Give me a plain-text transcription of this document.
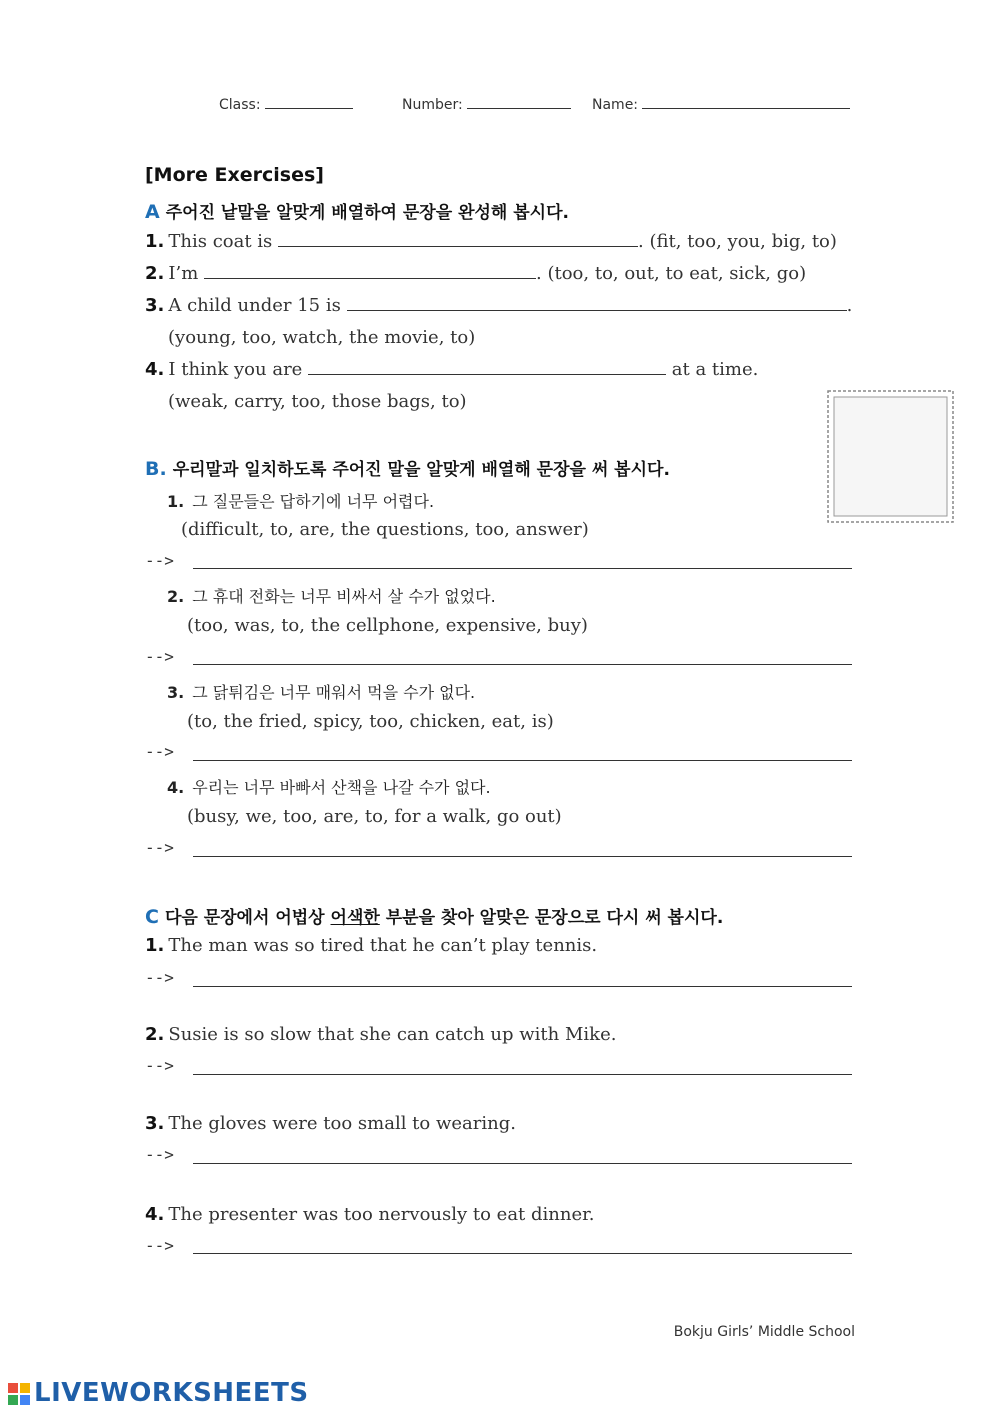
Class:	Number:	Name:
[More Exercises]
A 주어진 낱말을 알맞게 배열하여 문장을 완성해 봅시다.
1. This coat is	. (fit, too, you, big, to)
2. I’m	. (too, to, out, to eat, sick, go)
3. A child under 15 is	.
(young, too, watch, the movie, to)
4. I think you are	at a time.
(weak, carry, too, those bags, to)
B. 우리말과 일치하도록 주어진 말을 알맞게 배열해 문장을 써 봅시다.
1. 그 질문들은 답하기에 너무 어렵다.
(difficult, to, are, the questions, too, answer)
-->
2. 그 휴대 전화는 너무 비싸서 살 수가 없었다.
(too, was, to, the cellphone, expensive, buy)
-->
3. 그 닭튀김은 너무 매워서 먹을 수가 없다.
(to, the fried, spicy, too, chicken, eat, is)
-->
4. 우리는 너무 바빠서 산책을 나갈 수가 없다.
(busy, we, too, are, to, for a walk, go out)
-->
C 다음 문장에서 어법상 어색한 부분을 찾아 알맞은 문장으로 다시 써 봅시다.
1. The man was so tired that he can’t play tennis.
-->
2. Susie is so slow that she can catch up with Mike.
-->
3. The gloves were too small to wearing.
-->
4. The presenter was too nervously to eat dinner.
-->
Bokju Girls’ Middle School
LIVEWORKSHEETS
